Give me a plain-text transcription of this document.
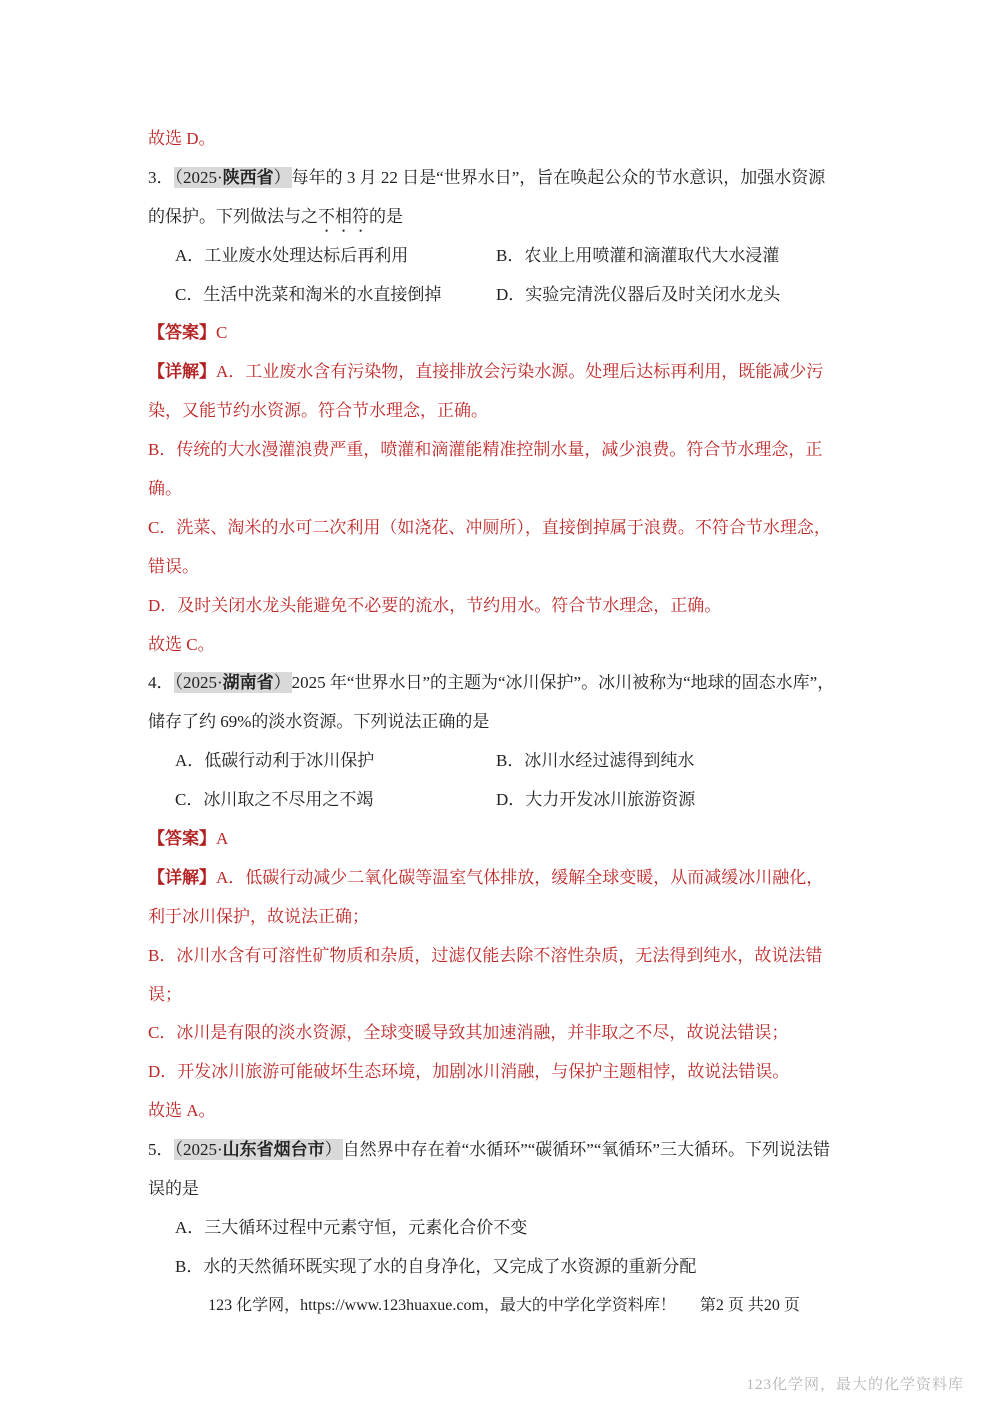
故选 D。
3．（2025·陕西省）每年的 3 月 22 日是“世界水日”，旨在唤起公众的节水意识，加强水资源
的保护。下列做法与之不相符的是
A．工业废水处理达标后再利用	B．农业上用喷灌和滴灌取代大水浸灌
C．生活中洗菜和淘米的水直接倒掉	D．实验完清洗仪器后及时关闭水龙头
【答案】C
【详解】A．工业废水含有污染物，直接排放会污染水源。处理后达标再利用，既能减少污
染，又能节约水资源。符合节水理念，正确。
B．传统的大水漫灌浪费严重，喷灌和滴灌能精准控制水量，减少浪费。符合节水理念，正
确。
C．洗菜、淘米的水可二次利用（如浇花、冲厕所），直接倒掉属于浪费。不符合节水理念，
错误。
D．及时关闭水龙头能避免不必要的流水，节约用水。符合节水理念，正确。
故选 C。
4．（2025·湖南省）2025 年“世界水日”的主题为“冰川保护”。冰川被称为“地球的固态水库”，
储存了约 69%的淡水资源。下列说法正确的是
A．低碳行动利于冰川保护	B．冰川水经过滤得到纯水
C．冰川取之不尽用之不竭	D．大力开发冰川旅游资源
【答案】A
【详解】A．低碳行动减少二氧化碳等温室气体排放，缓解全球变暖，从而减缓冰川融化，
利于冰川保护，故说法正确；
B．冰川水含有可溶性矿物质和杂质，过滤仅能去除不溶性杂质，无法得到纯水，故说法错
误；
C．冰川是有限的淡水资源，全球变暖导致其加速消融，并非取之不尽，故说法错误；
D．开发冰川旅游可能破坏生态环境，加剧冰川消融，与保护主题相悖，故说法错误。
故选 A。
5．（2025·山东省烟台市）自然界中存在着“水循环”“碳循环”“氧循环”三大循环。下列说法错
误的是
A．三大循环过程中元素守恒，元素化合价不变
B．水的天然循环既实现了水的自身净化，又完成了水资源的重新分配
123 化学网，https://www.123huaxue.com，最大的中学化学资料库！ 第2 页 共20 页
123化学网，最大的化学资料库
